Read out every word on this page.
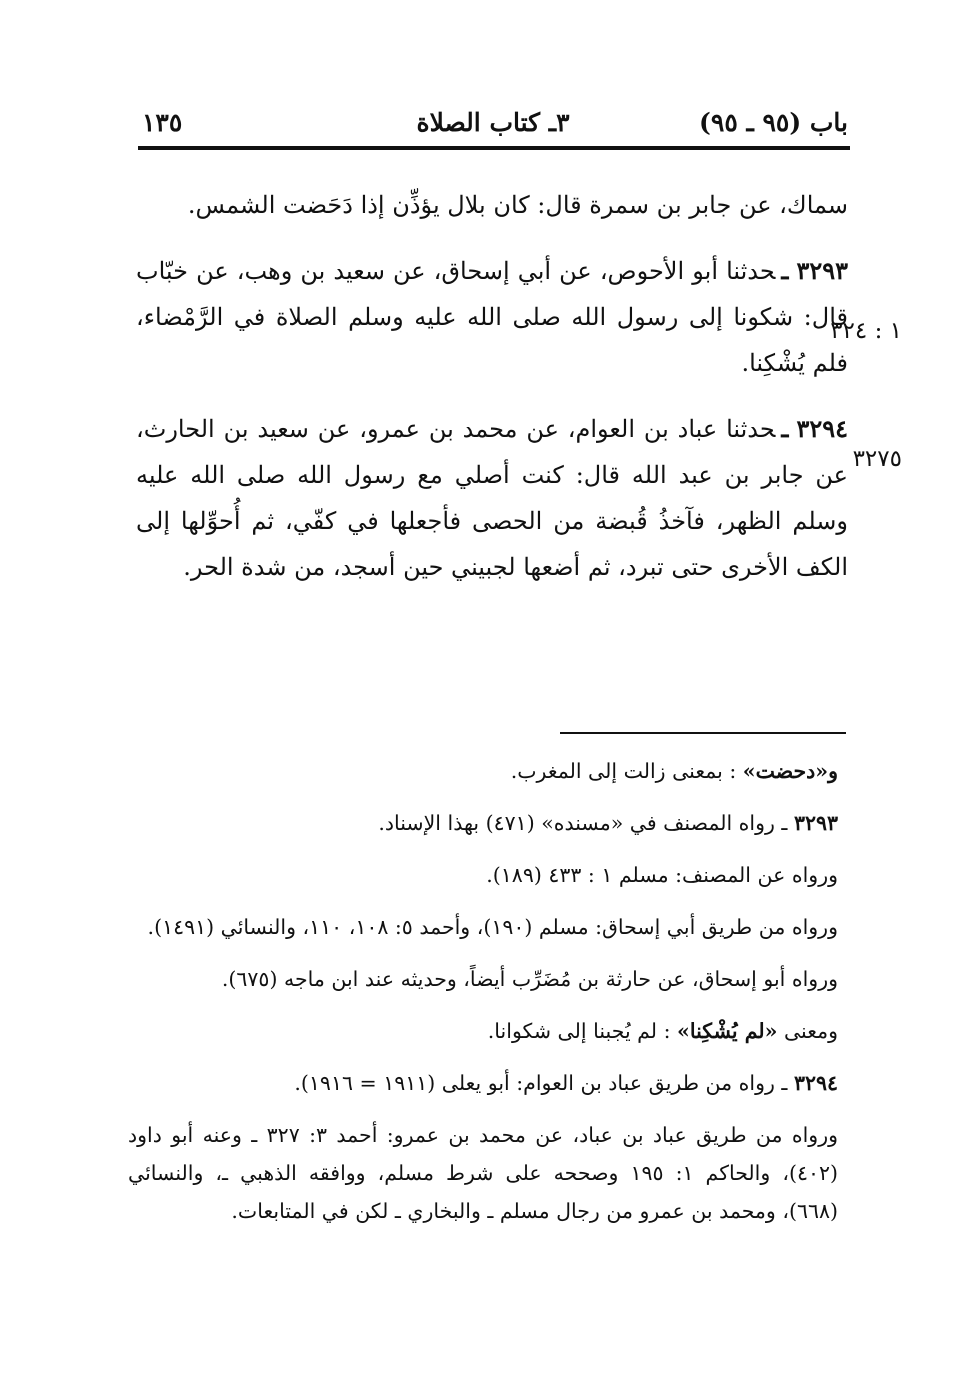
باب (٩٥ ـ ٩٥)
٣ـ كتاب الصلاة
١٣٥

سماك، عن جابر بن سمرة قال: كان بلال يؤذِّن إذا دَحَضت الشمس.

٣٢٩٣ـحدثنا أبو الأحوص، عن أبي إسحاق، عن سعيد بن وهب، عن خبّاب قال: شكونا إلى رسول الله صلى الله عليه وسلم الصلاة في الرَّمْضاء، فلم يُشْكِنا.

٣٢٩٤ـحدثنا عباد بن العوام، عن محمد بن عمرو، عن سعيد بن الحارث، عن جابر بن عبد الله قال: كنت أصلي مع رسول الله صلى الله عليه وسلم الظهر، فآخذُ قُبضة من الحصى فأجعلها في كفّي، ثم أُحوِّلها إلى الكف الأخرى حتى تبرد، ثم أضعها لجبيني حين أسجد، من شدة الحر.

١ : ٣٢٤
٣٢٧٥

و«دحضت» : بمعنى زالت إلى المغرب.

٣٢٩٣ ـ رواه المصنف في «مسنده» (٤٧١) بهذا الإسناد.

ورواه عن المصنف: مسلم ١ : ٤٣٣ (١٨٩).

ورواه من طريق أبي إسحاق: مسلم (١٩٠)، وأحمد ٥: ١٠٨، ١١٠، والنسائي (١٤٩١).

ورواه أبو إسحاق، عن حارثة بن مُضَرِّب أيضاً، وحديثه عند ابن ماجه (٦٧٥).

ومعنى «لم يُشْكِنا» : لم يُجبنا إلى شكوانا.

٣٢٩٤ ـ رواه من طريق عباد بن العوام: أبو يعلى (١٩١١ = ١٩١٦).

ورواه من طريق عباد بن عباد، عن محمد بن عمرو: أحمد ٣: ٣٢٧ ـ وعنه أبو داود (٤٠٢)، والحاكم ١: ١٩٥ وصححه على شرط مسلم، ووافقه الذهبي ـ، والنسائي (٦٦٨)، ومحمد بن عمرو من رجال مسلم ـ والبخاري ـ لكن في المتابعات.
